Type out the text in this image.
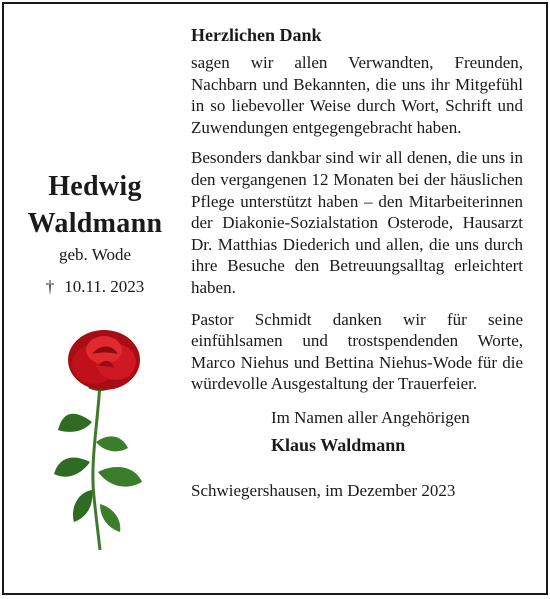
Hedwig
Waldmann
geb. Wode
† 10.11. 2023

Herzlichen Dank

sagen wir allen Verwandten, Freunden, Nachbarn und Bekannten, die uns ihr Mitgefühl in so liebevoller Weise durch Wort, Schrift und Zuwendungen entgegengebracht haben.

Besonders dankbar sind wir all denen, die uns in den vergangenen 12 Monaten bei der häuslichen Pflege unterstützt haben – den Mitarbeiterinnen der Diakonie-Sozialstation Osterode, Hausarzt Dr. Matthias Diederich und allen, die uns durch ihre Besuche den Betreuungsalltag erleichtert haben.

Pastor Schmidt danken wir für seine einfühlsamen und trostspendenden Worte, Marco Niehus und Bettina Niehus-Wode für die würdevolle Ausgestaltung der Trauerfeier.

Im Namen aller Angehörigen

Klaus Waldmann

Schwiegershausen, im Dezember 2023
